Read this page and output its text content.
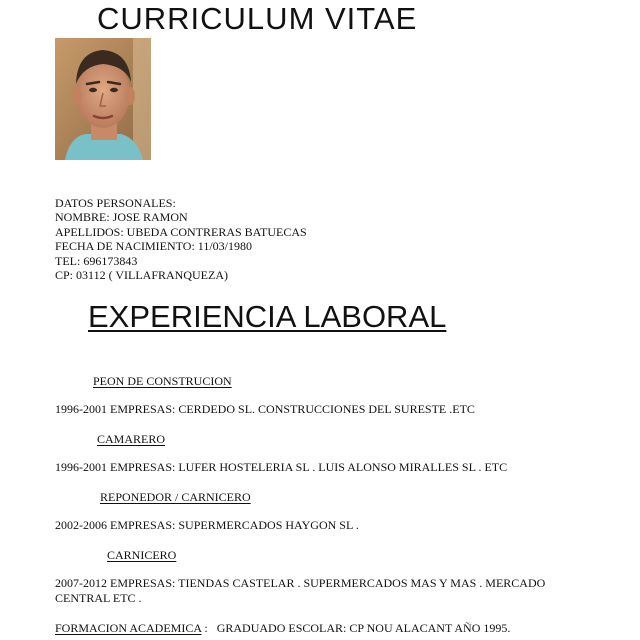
CURRICULUM VITAE
DATOS PERSONALES:
NOMBRE: JOSE RAMON
APELLIDOS: UBEDA CONTRERAS BATUECAS
FECHA DE NACIMIENTO: 11/03/1980
TEL: 696173843
CP: 03112 ( VILLAFRANQUEZA)
EXPERIENCIA LABORAL
PEON DE CONSTRUCION
1996-2001 EMPRESAS: CERDEDO SL. CONSTRUCCIONES DEL SURESTE .ETC
CAMARERO
1996-2001 EMPRESAS: LUFER HOSTELERIA SL . LUIS ALONSO MIRALLES SL . ETC
REPONEDOR / CARNICERO
2002-2006 EMPRESAS: SUPERMERCADOS HAYGON SL .
CARNICERO
2007-2012 EMPRESAS: TIENDAS CASTELAR . SUPERMERCADOS MAS Y MAS . MERCADO CENTRAL ETC .
FORMACION ACADEMICA :   GRADUADO ESCOLAR: CP NOU ALACANT AÑO 1995.
